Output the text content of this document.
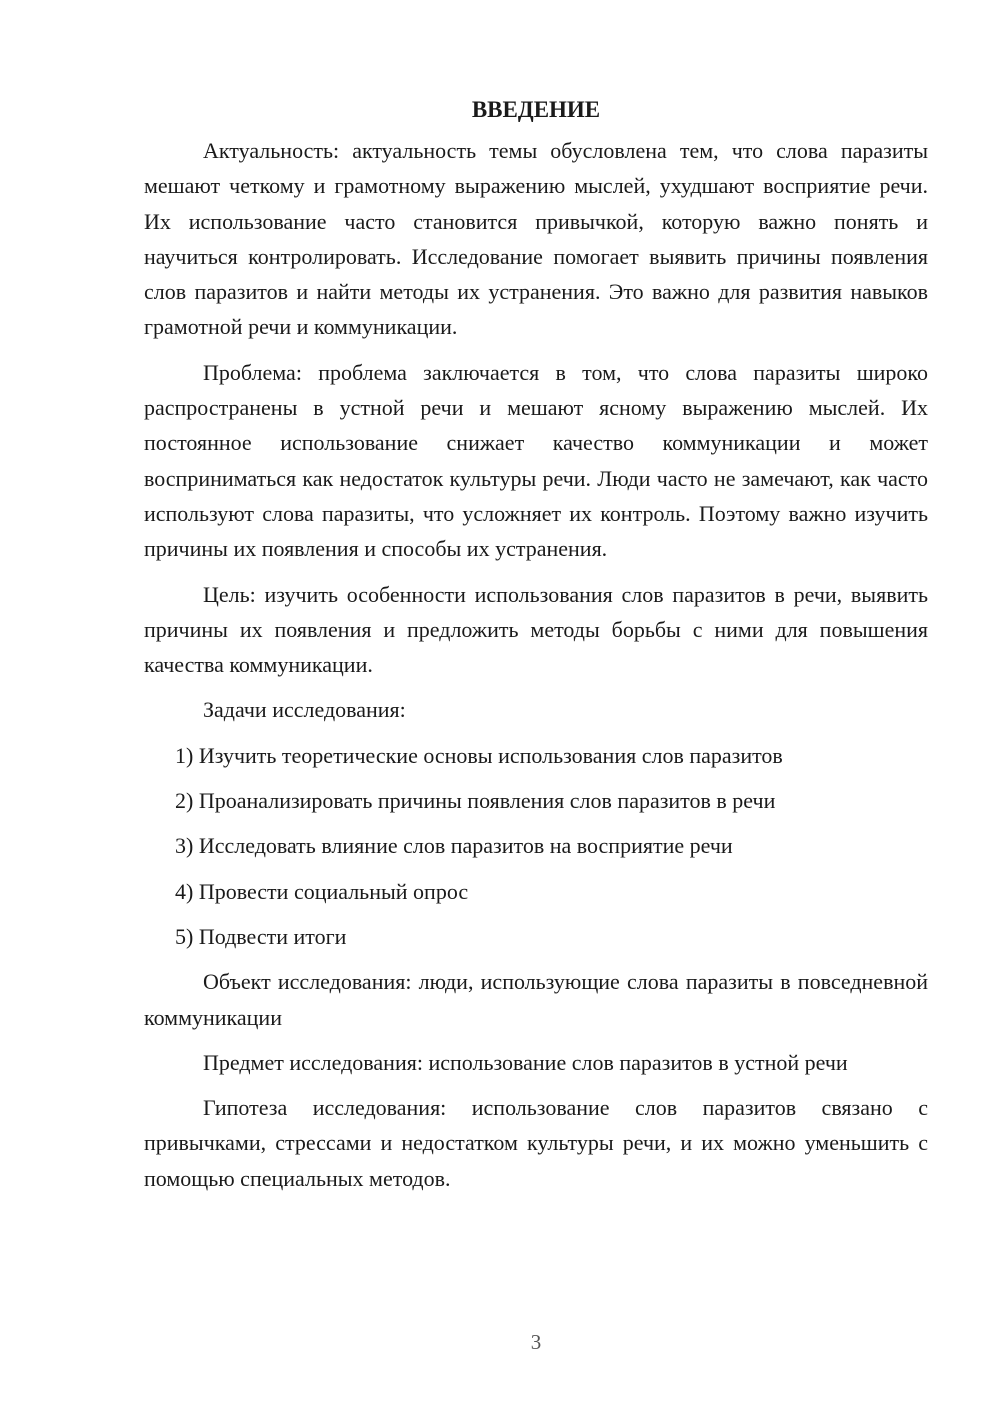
ВВЕДЕНИЕ

Актуальность: актуальность темы обусловлена тем, что слова паразиты мешают четкому и грамотному выражению мыслей, ухудшают восприятие речи. Их использование часто становится привычкой, которую важно понять и научиться контролировать. Исследование помогает выявить причины появления слов паразитов и найти методы их устранения. Это важно для развития навыков грамотной речи и коммуникации.

Проблема: проблема заключается в том, что слова паразиты широко распространены в устной речи и мешают ясному выражению мыслей. Их постоянное использование снижает качество коммуникации и может восприниматься как недостаток культуры речи. Люди часто не замечают, как часто используют слова паразиты, что усложняет их контроль. Поэтому важно изучить причины их появления и способы их устранения.

Цель: изучить особенности использования слов паразитов в речи, выявить причины их появления и предложить методы борьбы с ними для повышения качества коммуникации.

Задачи исследования:

1) Изучить теоретические основы использования слов паразитов
2) Проанализировать причины появления слов паразитов в речи
3) Исследовать влияние слов паразитов на восприятие речи
4) Провести социальный опрос
5) Подвести итоги

Объект исследования: люди, использующие слова паразиты в повседневной коммуникации

Предмет исследования: использование слов паразитов в устной речи

Гипотеза исследования: использование слов паразитов связано с привычками, стрессами и недостатком культуры речи, и их можно уменьшить с помощью специальных методов.

3
